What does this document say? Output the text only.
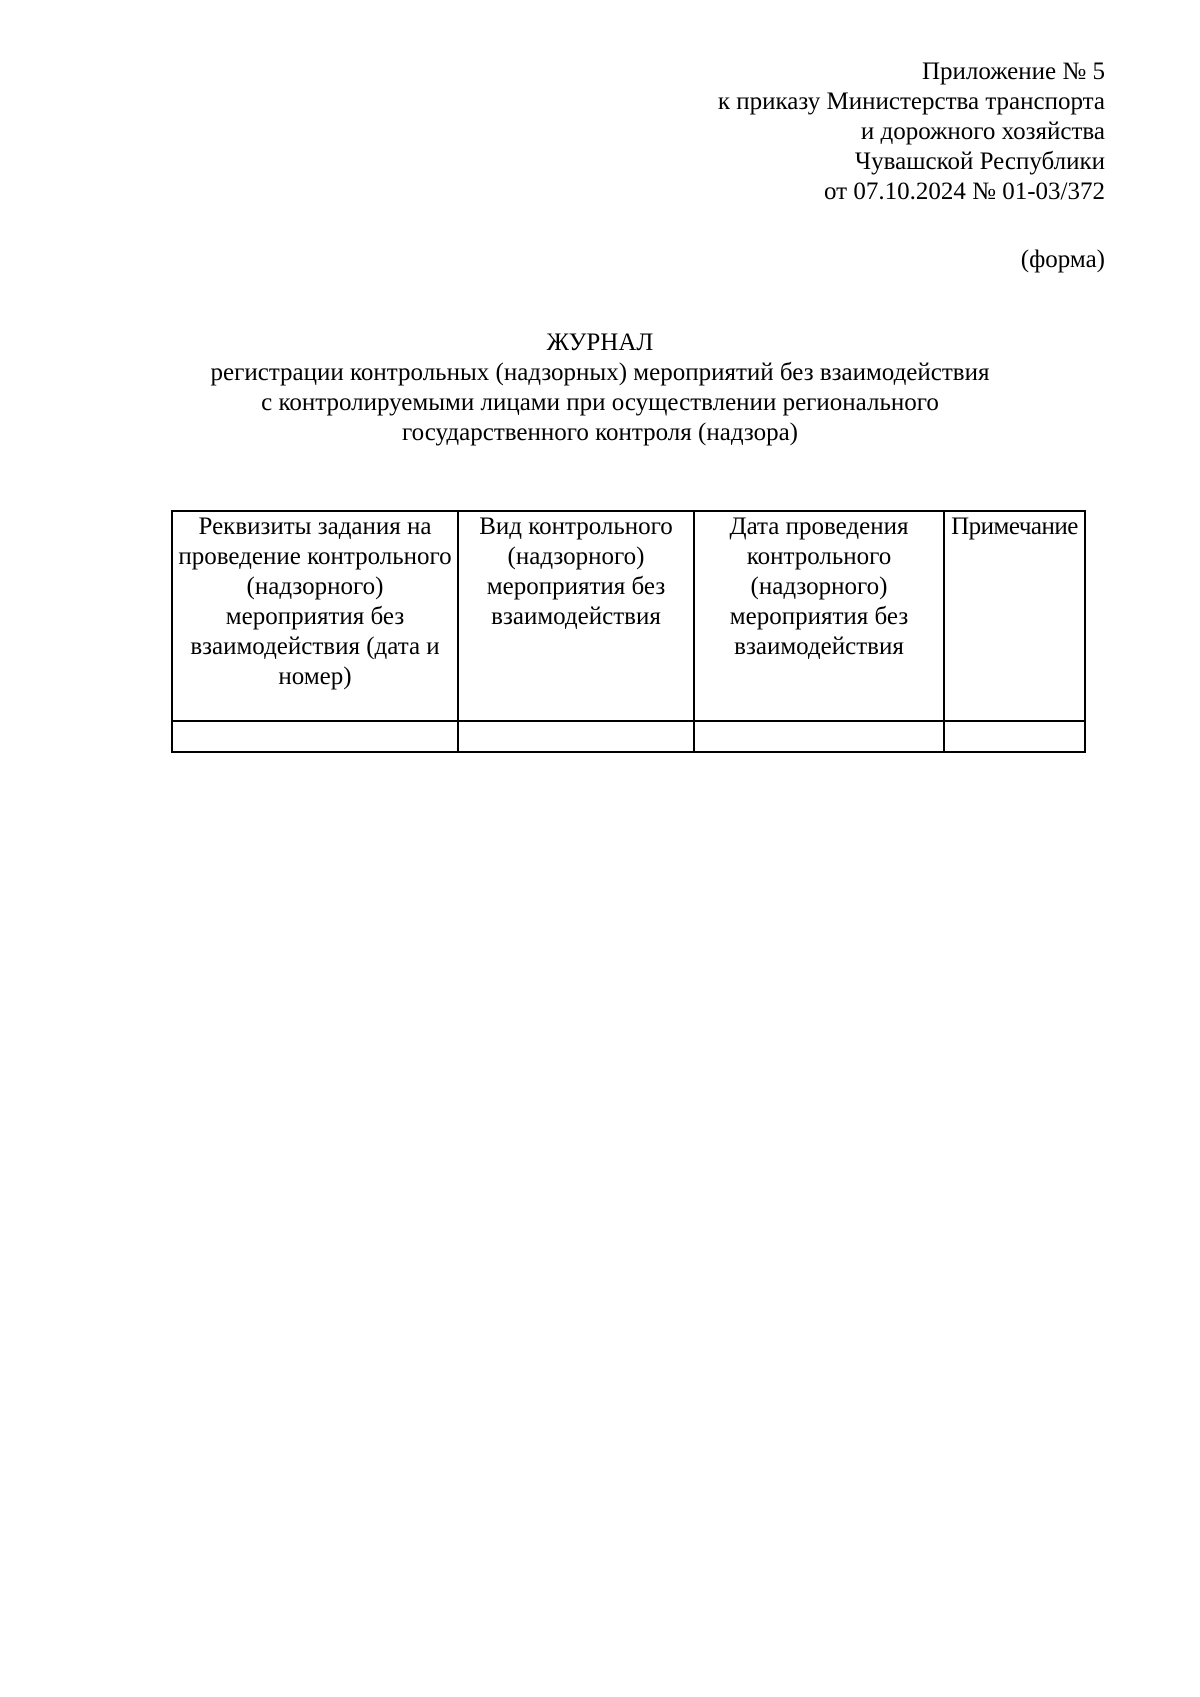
Приложение № 5
к приказу Министерства транспорта
и дорожного хозяйства
Чувашской Республики
от 07.10.2024 № 01-03/372
(форма)
ЖУРНАЛ
регистрации контрольных (надзорных) мероприятий без взаимодействия
с контролируемыми лицами при осуществлении регионального
государственного контроля (надзора)
Реквизиты задания на проведение контрольного (надзорного) мероприятия без взаимодействия (дата и номер)	Вид контрольного (надзорного) мероприятия без взаимодействия	Дата проведения контрольного (надзорного) мероприятия без взаимодействия	Примечание
